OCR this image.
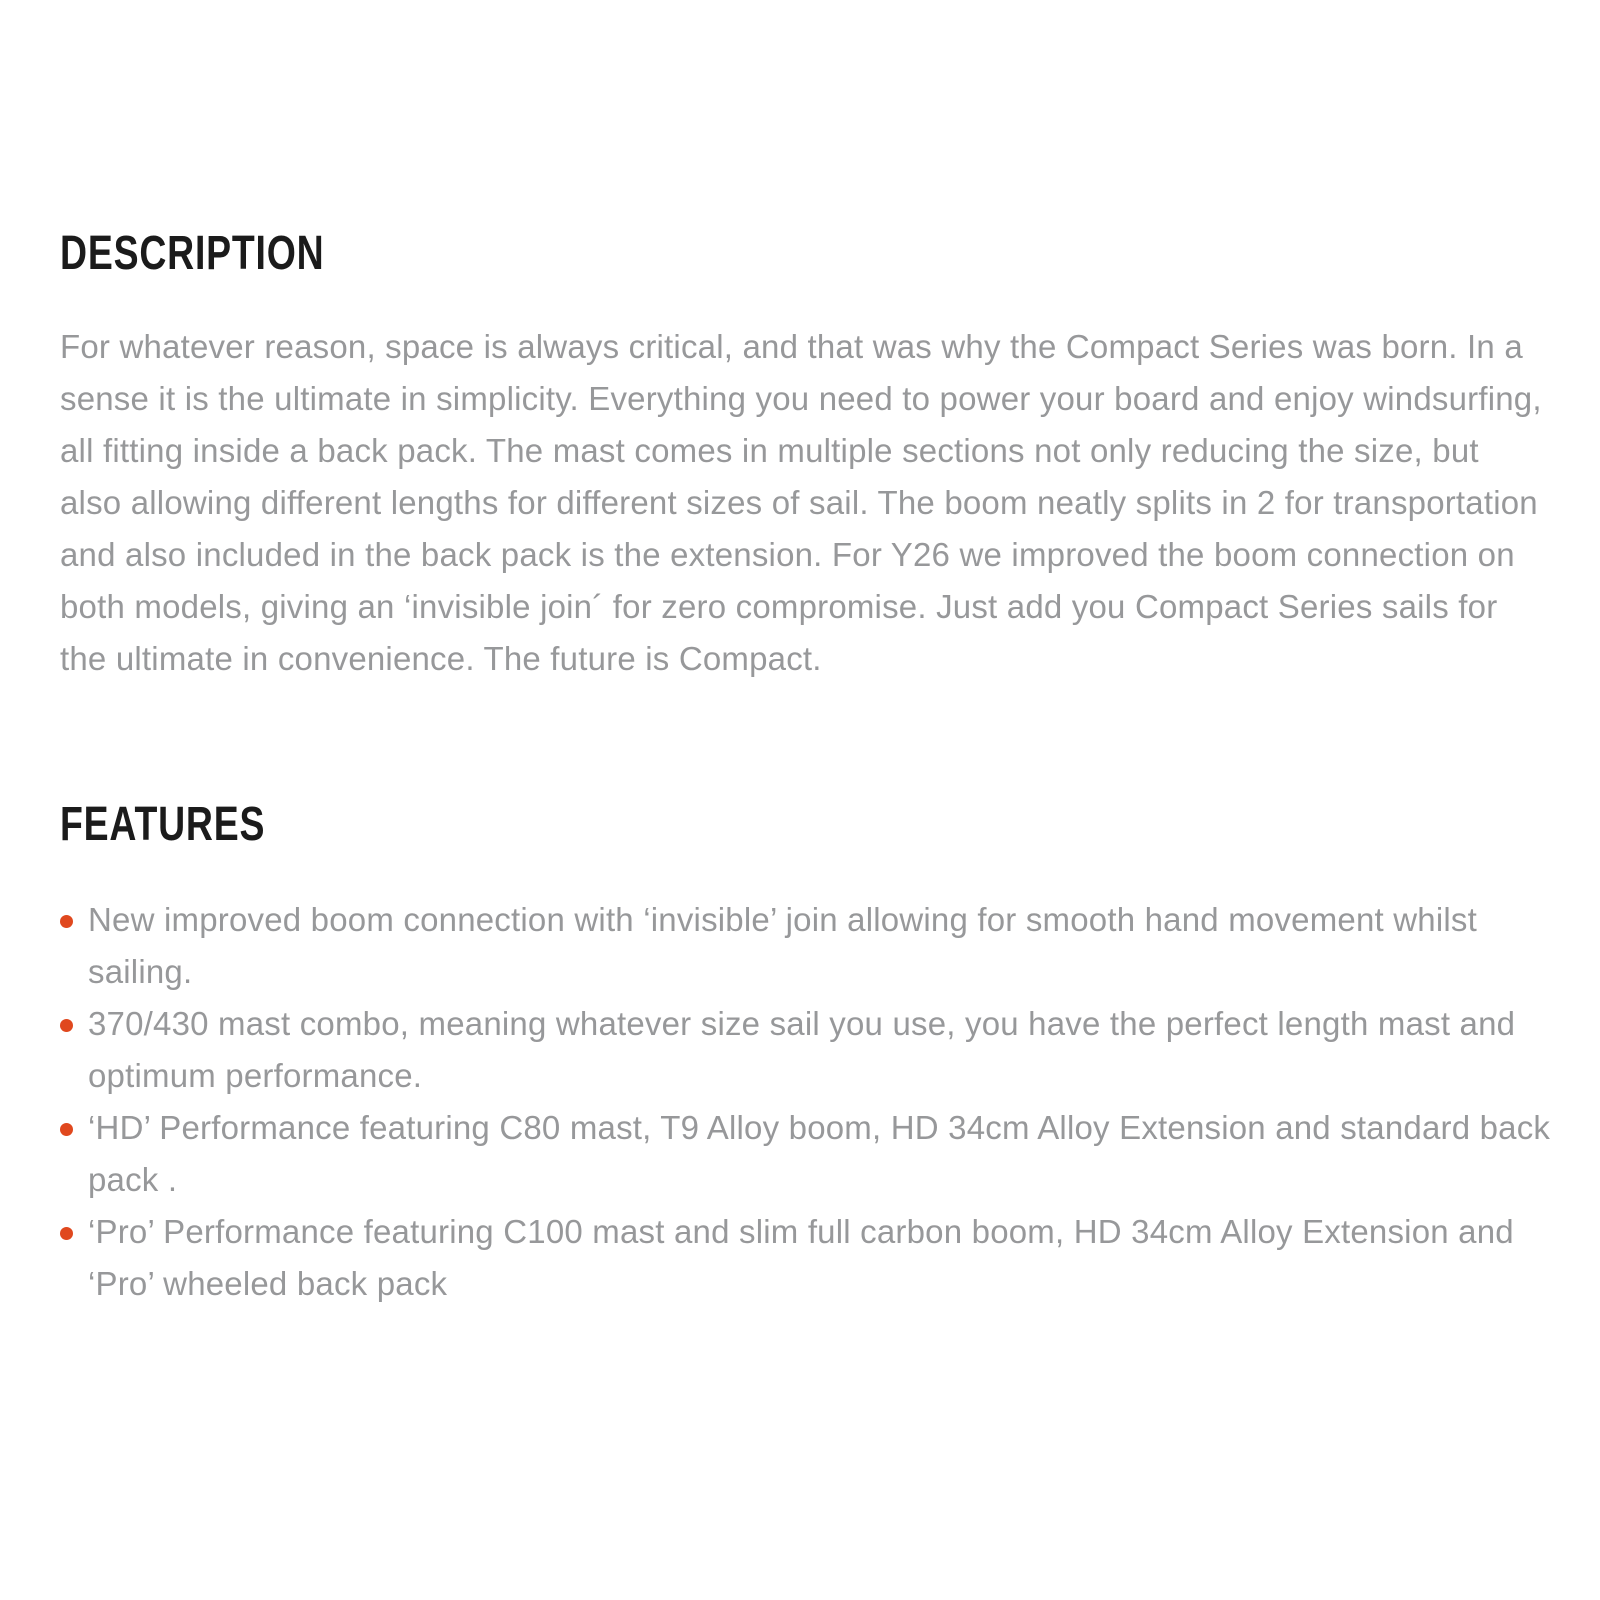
DESCRIPTION

For whatever reason, space is always critical, and that was why the Compact Series was born. In a sense it is the ultimate in simplicity. Everything you need to power your board and enjoy windsurfing, all fitting inside a back pack. The mast comes in multiple sections not only reducing the size, but also allowing different lengths for different sizes of sail. The boom neatly splits in 2 for transportation and also included in the back pack is the extension. For Y26 we improved the boom connection on both models, giving an ‘invisible join´ for zero compromise. Just add you Compact Series sails for the ultimate in convenience. The future is Compact.

FEATURES
New improved boom connection with ‘invisible’ join allowing for smooth hand movement whilst sailing.
370/430 mast combo, meaning whatever size sail you use, you have the perfect length mast and optimum performance.
‘HD’ Performance featuring C80 mast, T9 Alloy boom, HD 34cm Alloy Extension and standard back pack .
‘Pro’ Performance featuring C100 mast and slim full carbon boom, HD 34cm Alloy Extension and ‘Pro’ wheeled back pack
